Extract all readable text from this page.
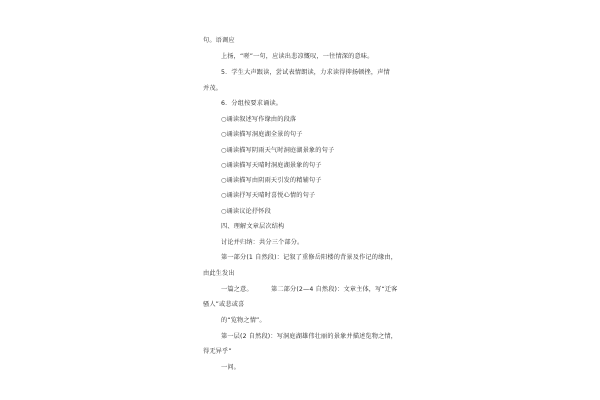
句。语调应
上扬，“嗟”一句，应读出悲凉慨叹，一往情深的意味。
5．学生大声跟读，尝试表情朗读，力求读得抑扬顿挫，声情
并茂。
6．分组按要求诵读。
○诵读叙述写作缘由的段落
○诵读描写洞庭湖全景的句子
○诵读描写阴雨天气时洞庭湖景象的句子
○诵读描写天晴时洞庭湖景象的句子
○诵读描写由阴雨天引发的精辅句子
○诵读抒写天晴时喜悦心情的句子
○诵读议论抒怀段
四、理解文章层次结构
讨论并归纳：共分三个部分。
第一部分(1 自然段)：记叙了重修岳阳楼的背景及作记的缘由，
由此生发出
一篇之意。	第二部分(2—4 自然段)：文章主体，写“迁客
骚人”或悲或喜
的“览物之情”。
第一层(2 自然段)：写洞庭湖雄伟壮丽的景象并描述览物之情，
得无异乎”
一问。
